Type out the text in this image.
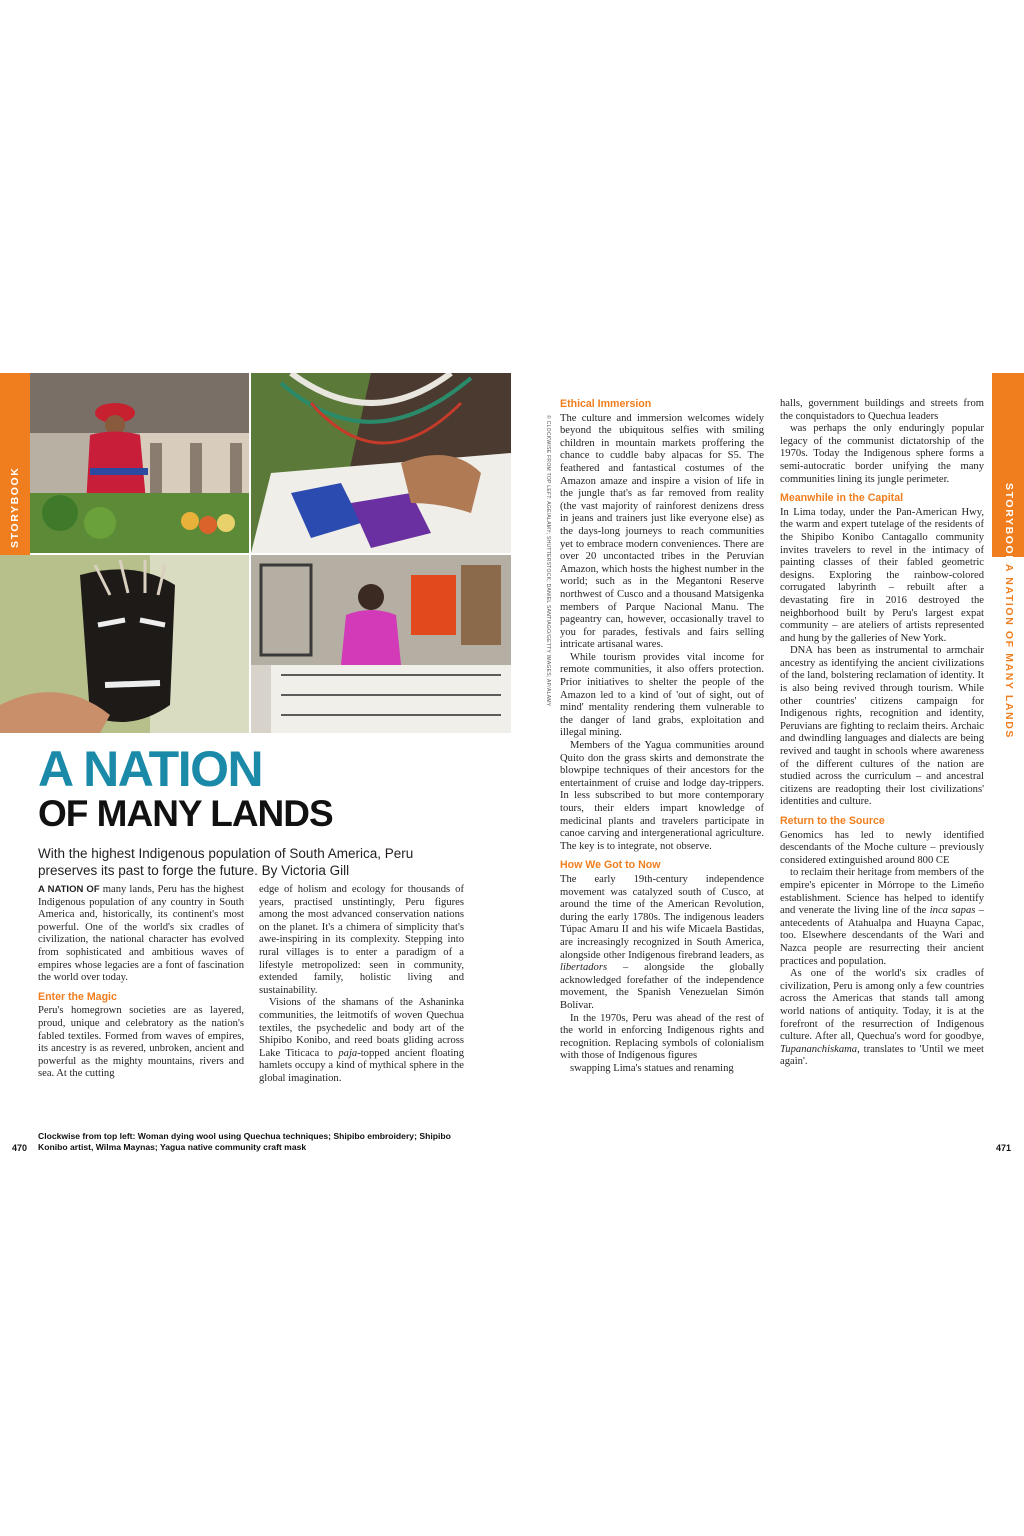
STORYBOOK	STORYBOOK
A NATION OF MANY LANDS
© CLOCKWISE FROM TOP LEFT: AGE/ALAMY; SHUTTERSTOCK; DANIEL SANTIAGO/GETTY IMAGES; AP/ALAMY
A NATION
OF MANY LANDS
With the highest Indigenous population of South America, Peru preserves its past to forge the future. By Victoria Gill

A NATION OF many lands, Peru has the highest Indigenous population of any country in South America and, historically, its continent's most powerful. One of the world's six cradles of civilization, the national character has evolved from sophisticated and ambitious waves of empires whose legacies are a font of fascination the world over today.

Enter the Magic

Peru's homegrown societies are as layered, proud, unique and celebratory as the nation's fabled textiles. Formed from waves of empires, its ancestry is as revered, unbroken, ancient and powerful as the mighty mountains, rivers and sea. At the cutting

edge of holism and ecology for thousands of years, practised unstintingly, Peru figures among the most advanced conservation nations on the planet. It's a chimera of simplicity that's awe-inspiring in its complexity. Stepping into rural villages is to enter a paradigm of a lifestyle metropolized: seen in community, extended family, holistic living and sustainability.

Visions of the shamans of the Ashaninka communities, the leitmotifs of woven Quechua textiles, the psychedelic and body art of the Shipibo Konibo, and reed boats gliding across Lake Titicaca to paja-topped ancient floating hamlets occupy a kind of mythical sphere in the global imagination.

Clockwise from top left: Woman dying wool using Quechua techniques; Shipibo embroidery; Shipibo Konibo artist, Wilma Maynas; Yagua native community craft mask
470	471
Ethical Immersion

The culture and immersion welcomes widely beyond the ubiquitous selfies with smiling children in mountain markets proffering the chance to cuddle baby alpacas for S5. The feathered and fantastical costumes of the Amazon amaze and inspire a vision of life in the jungle that's as far removed from reality (the vast majority of rainforest denizens dress in jeans and trainers just like everyone else) as the days-long journeys to reach communities yet to embrace modern conveniences. There are over 20 uncontacted tribes in the Peruvian Amazon, which hosts the highest number in the world; such as in the Megantoni Reserve northwest of Cusco and a thousand Matsigenka members of Parque Nacional Manu. The pageantry can, however, occasionally travel to you for parades, festivals and fairs selling intricate artisanal wares.

While tourism provides vital income for remote communities, it also offers protection. Prior initiatives to shelter the people of the Amazon led to a kind of 'out of sight, out of mind' mentality rendering them vulnerable to the danger of land grabs, exploitation and illegal mining.

Members of the Yagua communities around Quito don the grass skirts and demonstrate the blowpipe techniques of their ancestors for the entertainment of cruise and lodge day-trippers. In less subscribed to but more contemporary tours, their elders impart knowledge of medicinal plants and travelers participate in canoe carving and intergenerational agriculture. The key is to integrate, not observe.

How We Got to Now

The early 19th-century independence movement was catalyzed south of Cusco, at around the time of the American Revolution, during the early 1780s. The indigenous leaders Túpac Amaru II and his wife Micaela Bastidas, are increasingly recognized in South America, alongside other Indigenous firebrand leaders, as libertadors – alongside the globally acknowledged forefather of the independence movement, the Spanish Venezuelan Simón Bolívar.

In the 1970s, Peru was ahead of the rest of the world in enforcing Indigenous rights and recognition. Replacing symbols of colonialism with those of Indigenous figures

swapping Lima's statues and renaming

halls, government buildings and streets from the conquistadors to Quechua leaders

was perhaps the only enduringly popular legacy of the communist dictatorship of the 1970s. Today the Indigenous sphere forms a semi-autocratic border unifying the many communities lining its jungle perimeter.

Meanwhile in the Capital

In Lima today, under the Pan-American Hwy, the warm and expert tutelage of the residents of the Shipibo Konibo Cantagallo community invites travelers to revel in the intimacy of painting classes of their fabled geometric designs. Exploring the rainbow-colored corrugated labyrinth – rebuilt after a devastating fire in 2016 destroyed the neighborhood built by Peru's largest expat community – are ateliers of artists represented and hung by the galleries of New York.

DNA has been as instrumental to armchair ancestry as identifying the ancient civilizations of the land, bolstering reclamation of identity. It is also being revived through tourism. While other countries' citizens campaign for Indigenous rights, recognition and identity, Peruvians are fighting to reclaim theirs. Archaic and dwindling languages and dialects are being revived and taught in schools where awareness of the different cultures of the nation are studied across the curriculum – and ancestral citizens are readopting their lost civilizations' identities and culture.

Return to the Source

Genomics has led to newly identified descendants of the Moche culture – previously considered extinguished around 800 CE

to reclaim their heritage from members of the empire's epicenter in Mórrope to the Limeño establishment. Science has helped to identify and venerate the living line of the inca sapas – antecedents of Atahualpa and Huayna Capac, too. Elsewhere descendants of the Wari and Nazca people are resurrecting their ancient practices and population.

As one of the world's six cradles of civilization, Peru is among only a few countries across the Americas that stands tall among world nations of antiquity. Today, it is at the forefront of the resurrection of Indigenous culture. After all, Quechua's word for goodbye, Tupananchiskama, translates to 'Until we meet again'.
